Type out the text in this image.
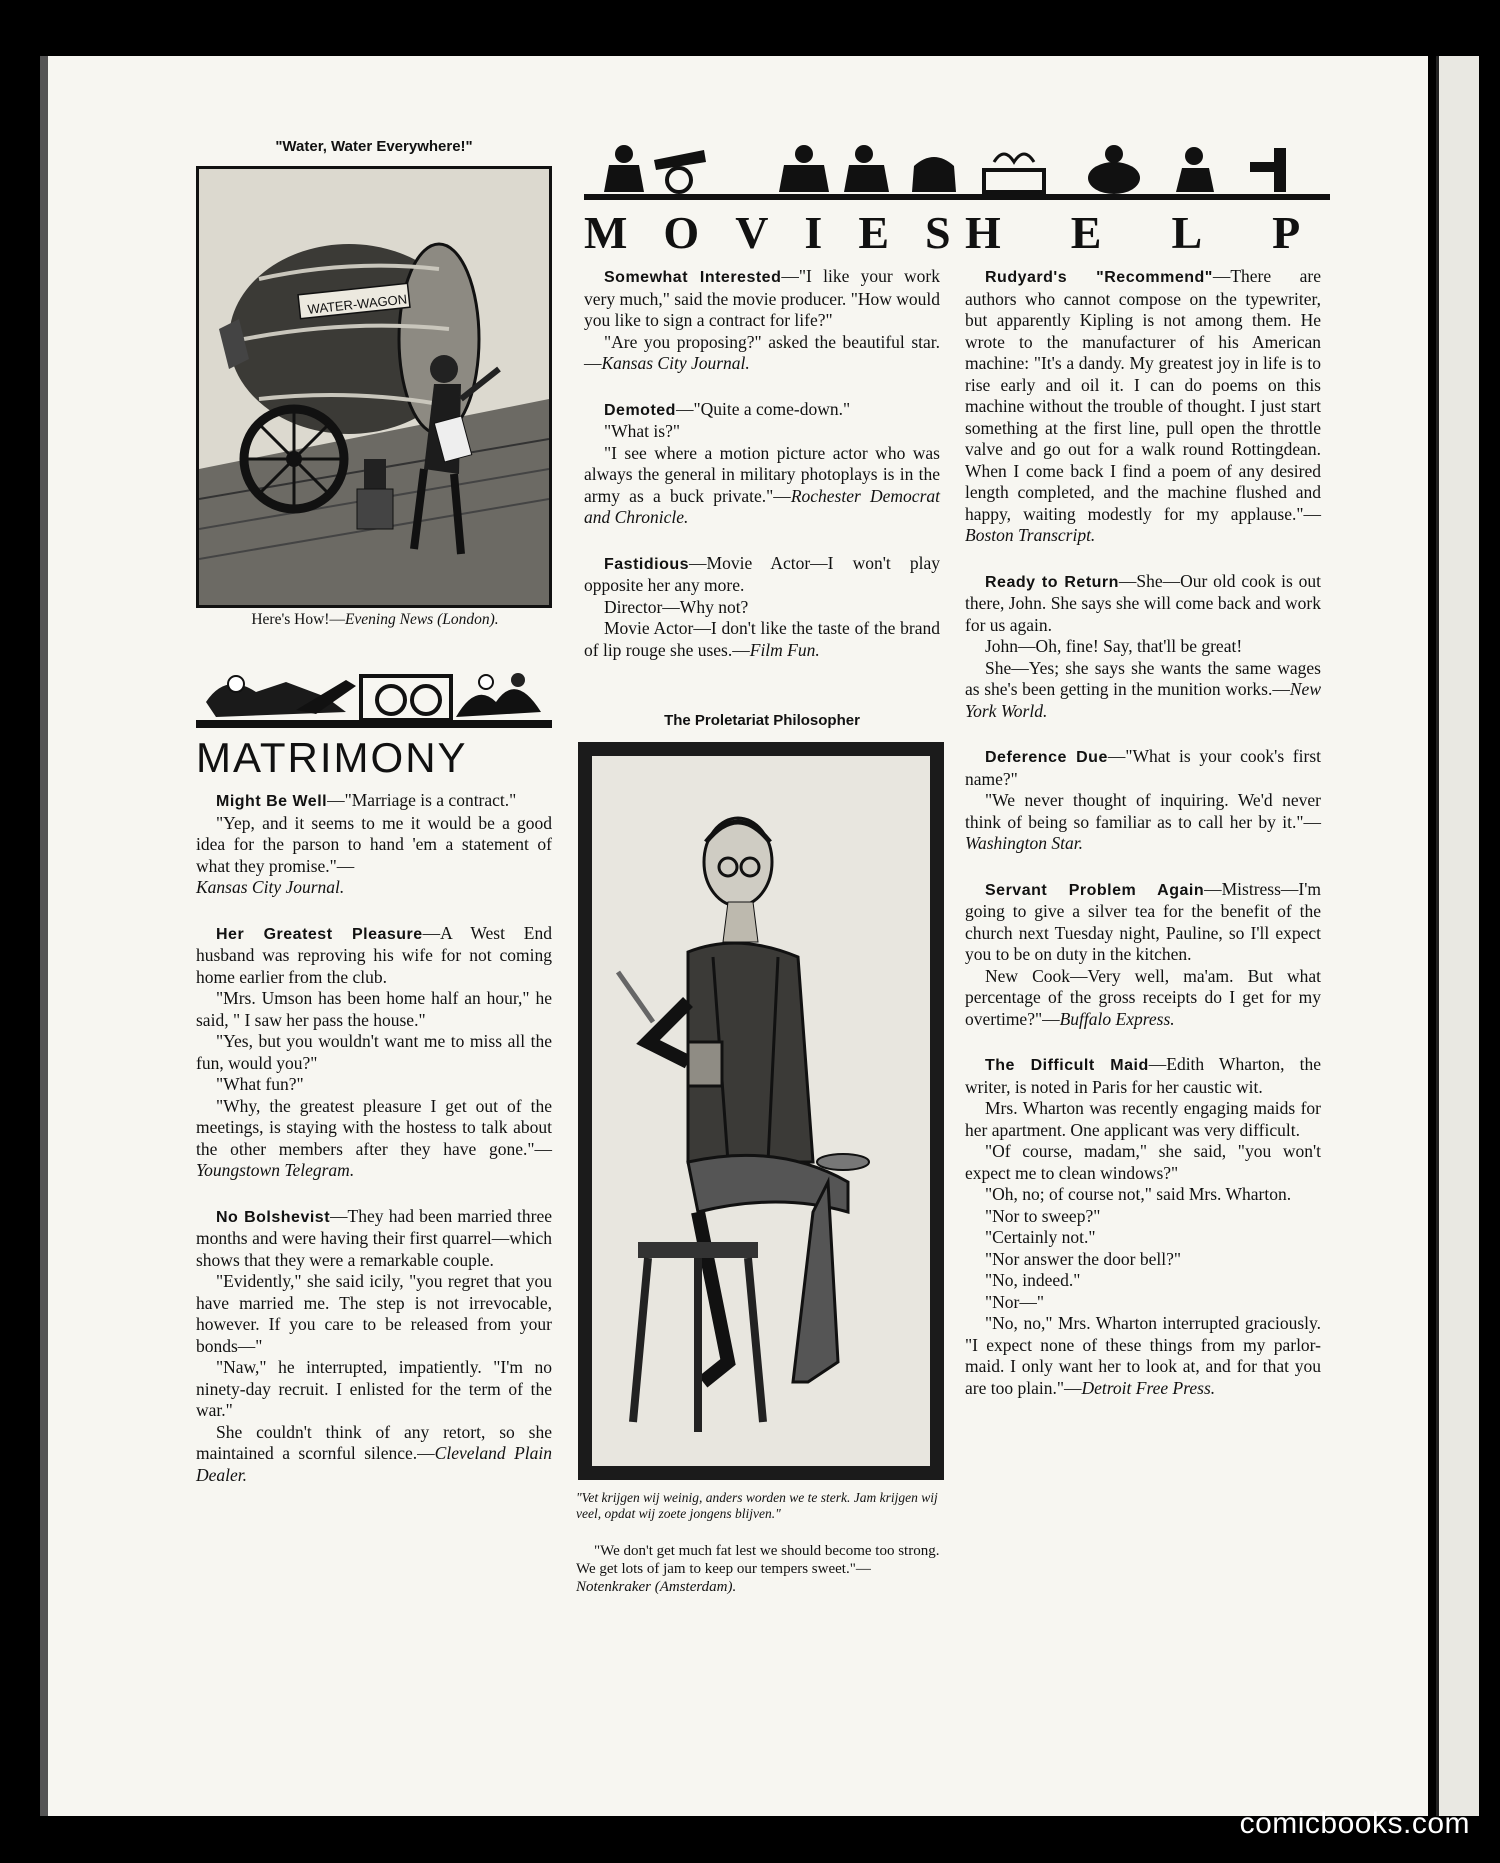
"Water, Water Everywhere!"
WATER-WAGON
Here's How!—Evening News (London).
MATRIMONY
MOVIES
HELP

Might Be Well—"Marriage is a contract."

"Yep, and it seems to me it would be a good idea for the parson to hand 'em a statement of what they promise."—
Kansas City Journal.

Her Greatest Pleasure—A West End husband was reproving his wife for not coming home earlier from the club.

"Mrs. Umson has been home half an hour," he said, " I saw her pass the house."

"Yes, but you wouldn't want me to miss all the fun, would you?"

"What fun?"

"Why, the greatest pleasure I get out of the meetings, is staying with the hostess to talk about the other members after they have gone."—Youngstown Telegram.

No Bolshevist—They had been married three months and were having their first quarrel—which shows that they were a remarkable couple.

"Evidently," she said icily, "you regret that you have married me. The step is not irrevocable, however. If you care to be released from your bonds—"

"Naw," he interrupted, impatiently. "I'm no ninety-day recruit. I enlisted for the term of the war."

She couldn't think of any retort, so she maintained a scornful silence.—Cleveland Plain Dealer.

Somewhat Interested—"I like your work very much," said the movie producer. "How would you like to sign a contract for life?"

"Are you proposing?" asked the beautiful star.—Kansas City Journal.

Demoted—"Quite a come-down."

"What is?"

"I see where a motion picture actor who was always the general in military photoplays is in the army as a buck private."—Rochester Democrat and Chronicle.

Fastidious—Movie Actor—I won't play opposite her any more.

Director—Why not?

Movie Actor—I don't like the taste of the brand of lip rouge she uses.—Film Fun.

The Proletariat Philosopher
"Vet krijgen wij weinig, anders worden we te sterk. Jam krijgen wij veel, opdat wij zoete jongens blijven."
"We don't get much fat lest we should become too strong. We get lots of jam to keep our tempers sweet."—Notenkraker (Amsterdam).

Rudyard's "Recommend"—There are authors who cannot compose on the typewriter, but apparently Kipling is not among them. He wrote to the manufacturer of his American machine: "It's a dandy. My greatest joy in life is to rise early and oil it. I can do poems on this machine without the trouble of thought. I just start something at the first line, pull open the throttle valve and go out for a walk round Rottingdean. When I come back I find a poem of any desired length completed, and the machine flushed and happy, waiting modestly for my applause."—Boston Transcript.

Ready to Return—She—Our old cook is out there, John. She says she will come back and work for us again.

John—Oh, fine! Say, that'll be great!

She—Yes; she says she wants the same wages as she's been getting in the munition works.—New York World.

Deference Due—"What is your cook's first name?"

"We never thought of inquiring. We'd never think of being so familiar as to call her by it."—Washington Star.

Servant Problem Again—Mistress—I'm going to give a silver tea for the benefit of the church next Tuesday night, Pauline, so I'll expect you to be on duty in the kitchen.

New Cook—Very well, ma'am. But what percentage of the gross receipts do I get for my overtime?"—Buffalo Express.

The Difficult Maid—Edith Wharton, the writer, is noted in Paris for her caustic wit.

Mrs. Wharton was recently engaging maids for her apartment. One applicant was very difficult.

"Of course, madam," she said, "you won't expect me to clean windows?"

"Oh, no; of course not," said Mrs. Wharton.

"Nor to sweep?"

"Certainly not."

"Nor answer the door bell?"

"No, indeed."

"Nor—"

"No, no," Mrs. Wharton interrupted graciously. "I expect none of these things from my parlor-maid. I only want her to look at, and for that you are too plain."—Detroit Free Press.

comicbooks.com
